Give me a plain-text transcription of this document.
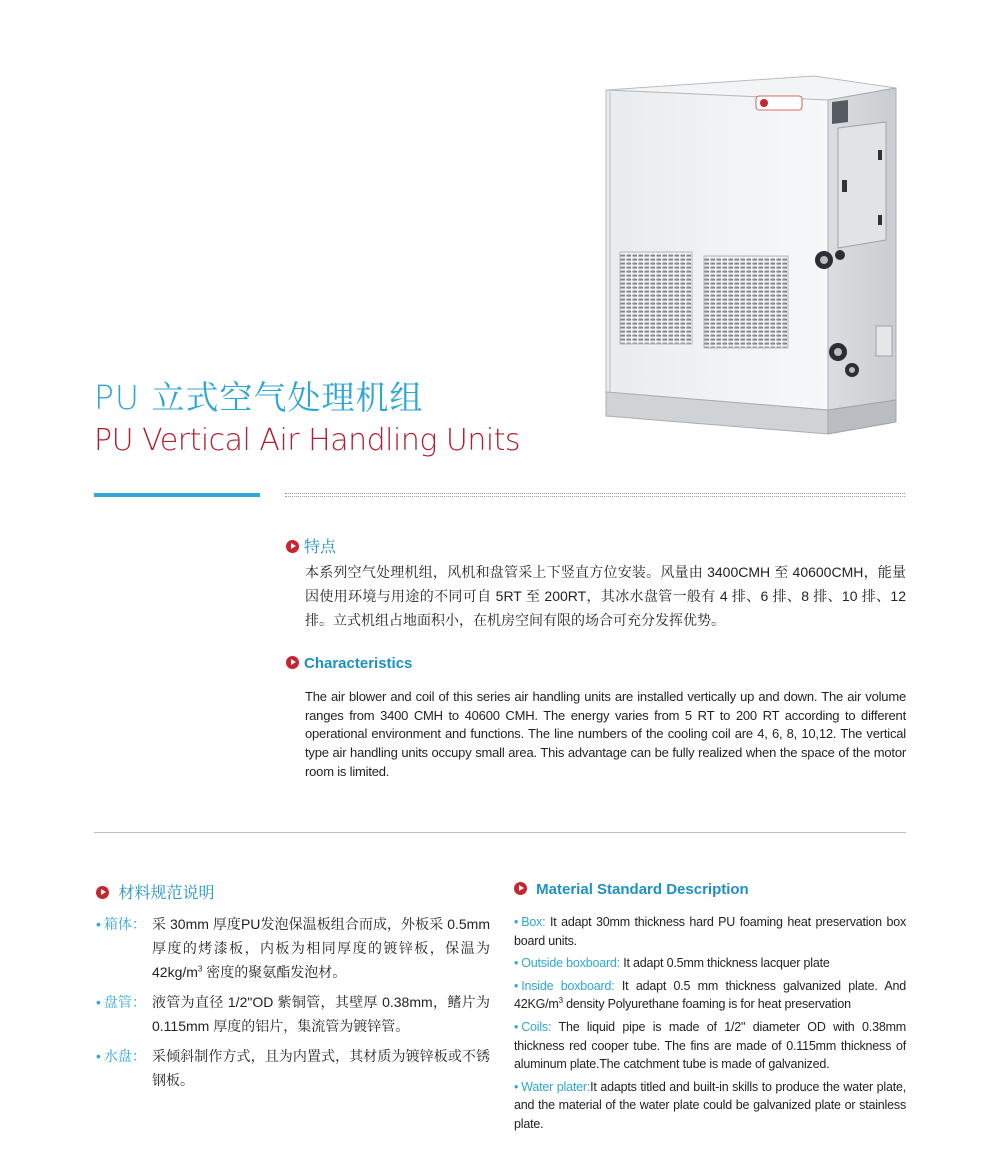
PU 立式空气处理机组
PU Vertical Air Handling Units
特点

本系列空气处理机组，风机和盘管采上下竖直方位安装。风量由 3400CMH 至 40600CMH，能量因使用环境与用途的不同可自 5RT 至 200RT，其冰水盘管一般有 4 排、6 排、8 排、10 排、12 排。立式机组占地面积小，在机房空间有限的场合可充分发挥优势。

Characteristics

The air blower and coil of this series air handling units are installed vertically up and down. The air volume ranges from 3400 CMH to 40600 CMH. The energy varies from 5 RT to 200 RT according to different operational environment and functions. The line numbers of the cooling coil are 4, 6, 8, 10,12. The vertical type air handling units occupy small area. This advantage can be fully realized when the space of the motor room is limited.

材料规范说明
• 箱体： 采 30mm 厚度PU发泡保温板组合而成，外板采 0.5mm 厚度的烤漆板，内板为相同厚度的镀锌板，保温为 $42kg/m^3$ 密度的聚氨酯发泡材。
• 盘管： 液管为直径 1/2"OD 紫铜管，其壁厚 0.38mm，鳍片为 0.115mm 厚度的铝片，集流管为镀锌管。
• 水盘： 采倾斜制作方式，且为内置式，其材质为镀锌板或不锈钢板。
Material Standard Description
• Box: It adapt 30mm thickness hard PU foaming heat preservation box board units.
• Outside boxboard: It adapt 0.5mm thickness lacquer plate
• Inside boxboard: It adapt 0.5 mm thickness galvanized plate. And $42KG/m^3$ density Polyurethane foaming is for heat preservation
• Coils: The liquid pipe is made of 1/2" diameter OD with 0.38mm thickness red cooper tube. The fins are made of 0.115mm thickness of aluminum plate.The catchment tube is made of galvanized.
• Water plater:It adapts titled and built-in skills to produce the water plate, and the material of the water plate could be galvanized plate or stainless plate.
